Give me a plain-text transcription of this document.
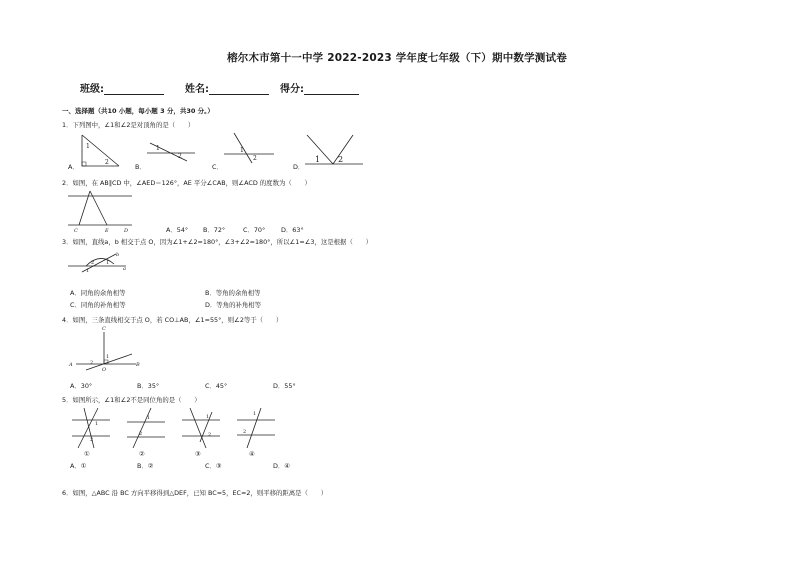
榕尔木市第十一中学 2022-2023 学年度七年级（下）期中数学测试卷
班级:	姓名:	得分:
一、选择题（共10 小题，每小题 3 分，共30 分。）
1．下列图中，∠1和∠2是对顶角的是（　　）
A．	B．	C．	D．
1
2
1
2
1
2	1 2
2．如图，在 AB∥CD 中，∠AED＝126°，AE 平分∠CAB，则∠ACD 的度数为（　　）
C	E	D	A．54° B．72°	C．70° D．63°
3．如图，直线a，b 相交于点 O，因为∠1+∠2=180°，∠3+∠2=180°，所以∠1=∠3，这是根据（　　）
1
2 1
b
a
A．同角的余角相等	B．等角的余角相等
C．同角的补角相等	D．等角的补角相等
4．如图，三条直线相交于点 O，若 CO⊥AB，∠1=55°，则∠2等于（　　）
C
A	B
O
1
2
A．30°	B．35°	C．45°	D．55°
5．如图所示，∠1和∠2不是同位角的是（　　）
1
2
1
2
1
2
1
2
①	②	③	④
A．①	B．②	C．③	D．④
6．如图，△ABC 沿 BC 方向平移得到△DEF，已知 BC=5，EC=2，则平移的距离是（　　）
